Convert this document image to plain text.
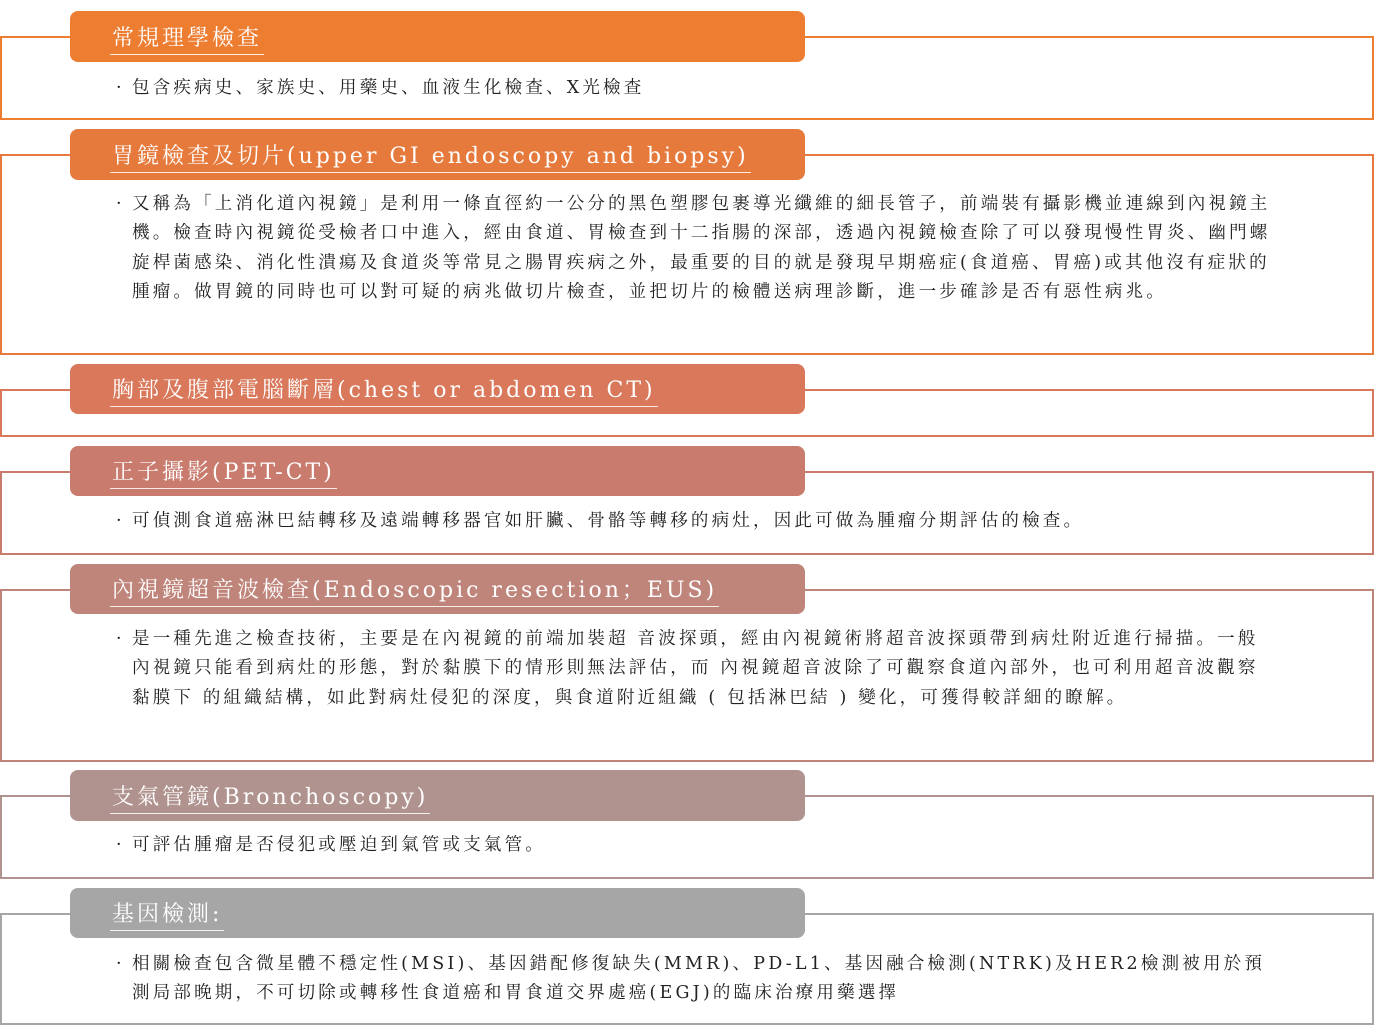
常規理學檢查
· 包含疾病史、家族史、用藥史、血液生化檢查、X光檢查
胃鏡檢查及切片(upper GI endoscopy and biopsy)
· 又稱為「上消化道內視鏡」是利用一條直徑約一公分的黑色塑膠包裹導光纖維的細長管子，前端裝有攝影機並連線到內視鏡主機。檢查時內視鏡從受檢者口中進入，經由食道、胃檢查到十二指腸的深部，透過內視鏡檢查除了可以發現慢性胃炎、幽門螺旋桿菌感染、消化性潰瘍及食道炎等常見之腸胃疾病之外，最重要的目的就是發現早期癌症(食道癌、胃癌)或其他沒有症狀的腫瘤。做胃鏡的同時也可以對可疑的病兆做切片檢查，並把切片的檢體送病理診斷，進一步確診是否有惡性病兆。
胸部及腹部電腦斷層(chest or abdomen CT)
正子攝影(PET-CT)
· 可偵測食道癌淋巴結轉移及遠端轉移器官如肝臟、骨骼等轉移的病灶，因此可做為腫瘤分期評估的檢查。
內視鏡超音波檢查(Endoscopic resection；EUS)
· 是一種先進之檢查技術，主要是在內視鏡的前端加裝超 音波探頭，經由內視鏡術將超音波探頭帶到病灶附近進行掃描。一般內視鏡只能看到病灶的形態，對於黏膜下的情形則無法評估，而 內視鏡超音波除了可觀察食道內部外，也可利用超音波觀察黏膜下 的組織結構，如此對病灶侵犯的深度，與食道附近組織 ( 包括淋巴結 ) 變化，可獲得較詳細的瞭解。
支氣管鏡(Bronchoscopy)
· 可評估腫瘤是否侵犯或壓迫到氣管或支氣管。
基因檢測:
· 相關檢查包含微星體不穩定性(MSI)、基因錯配修復缺失(MMR)、PD-L1、基因融合檢測(NTRK)及HER2檢測被用於預測局部晚期，不可切除或轉移性食道癌和胃食道交界處癌(EGJ)的臨床治療用藥選擇
